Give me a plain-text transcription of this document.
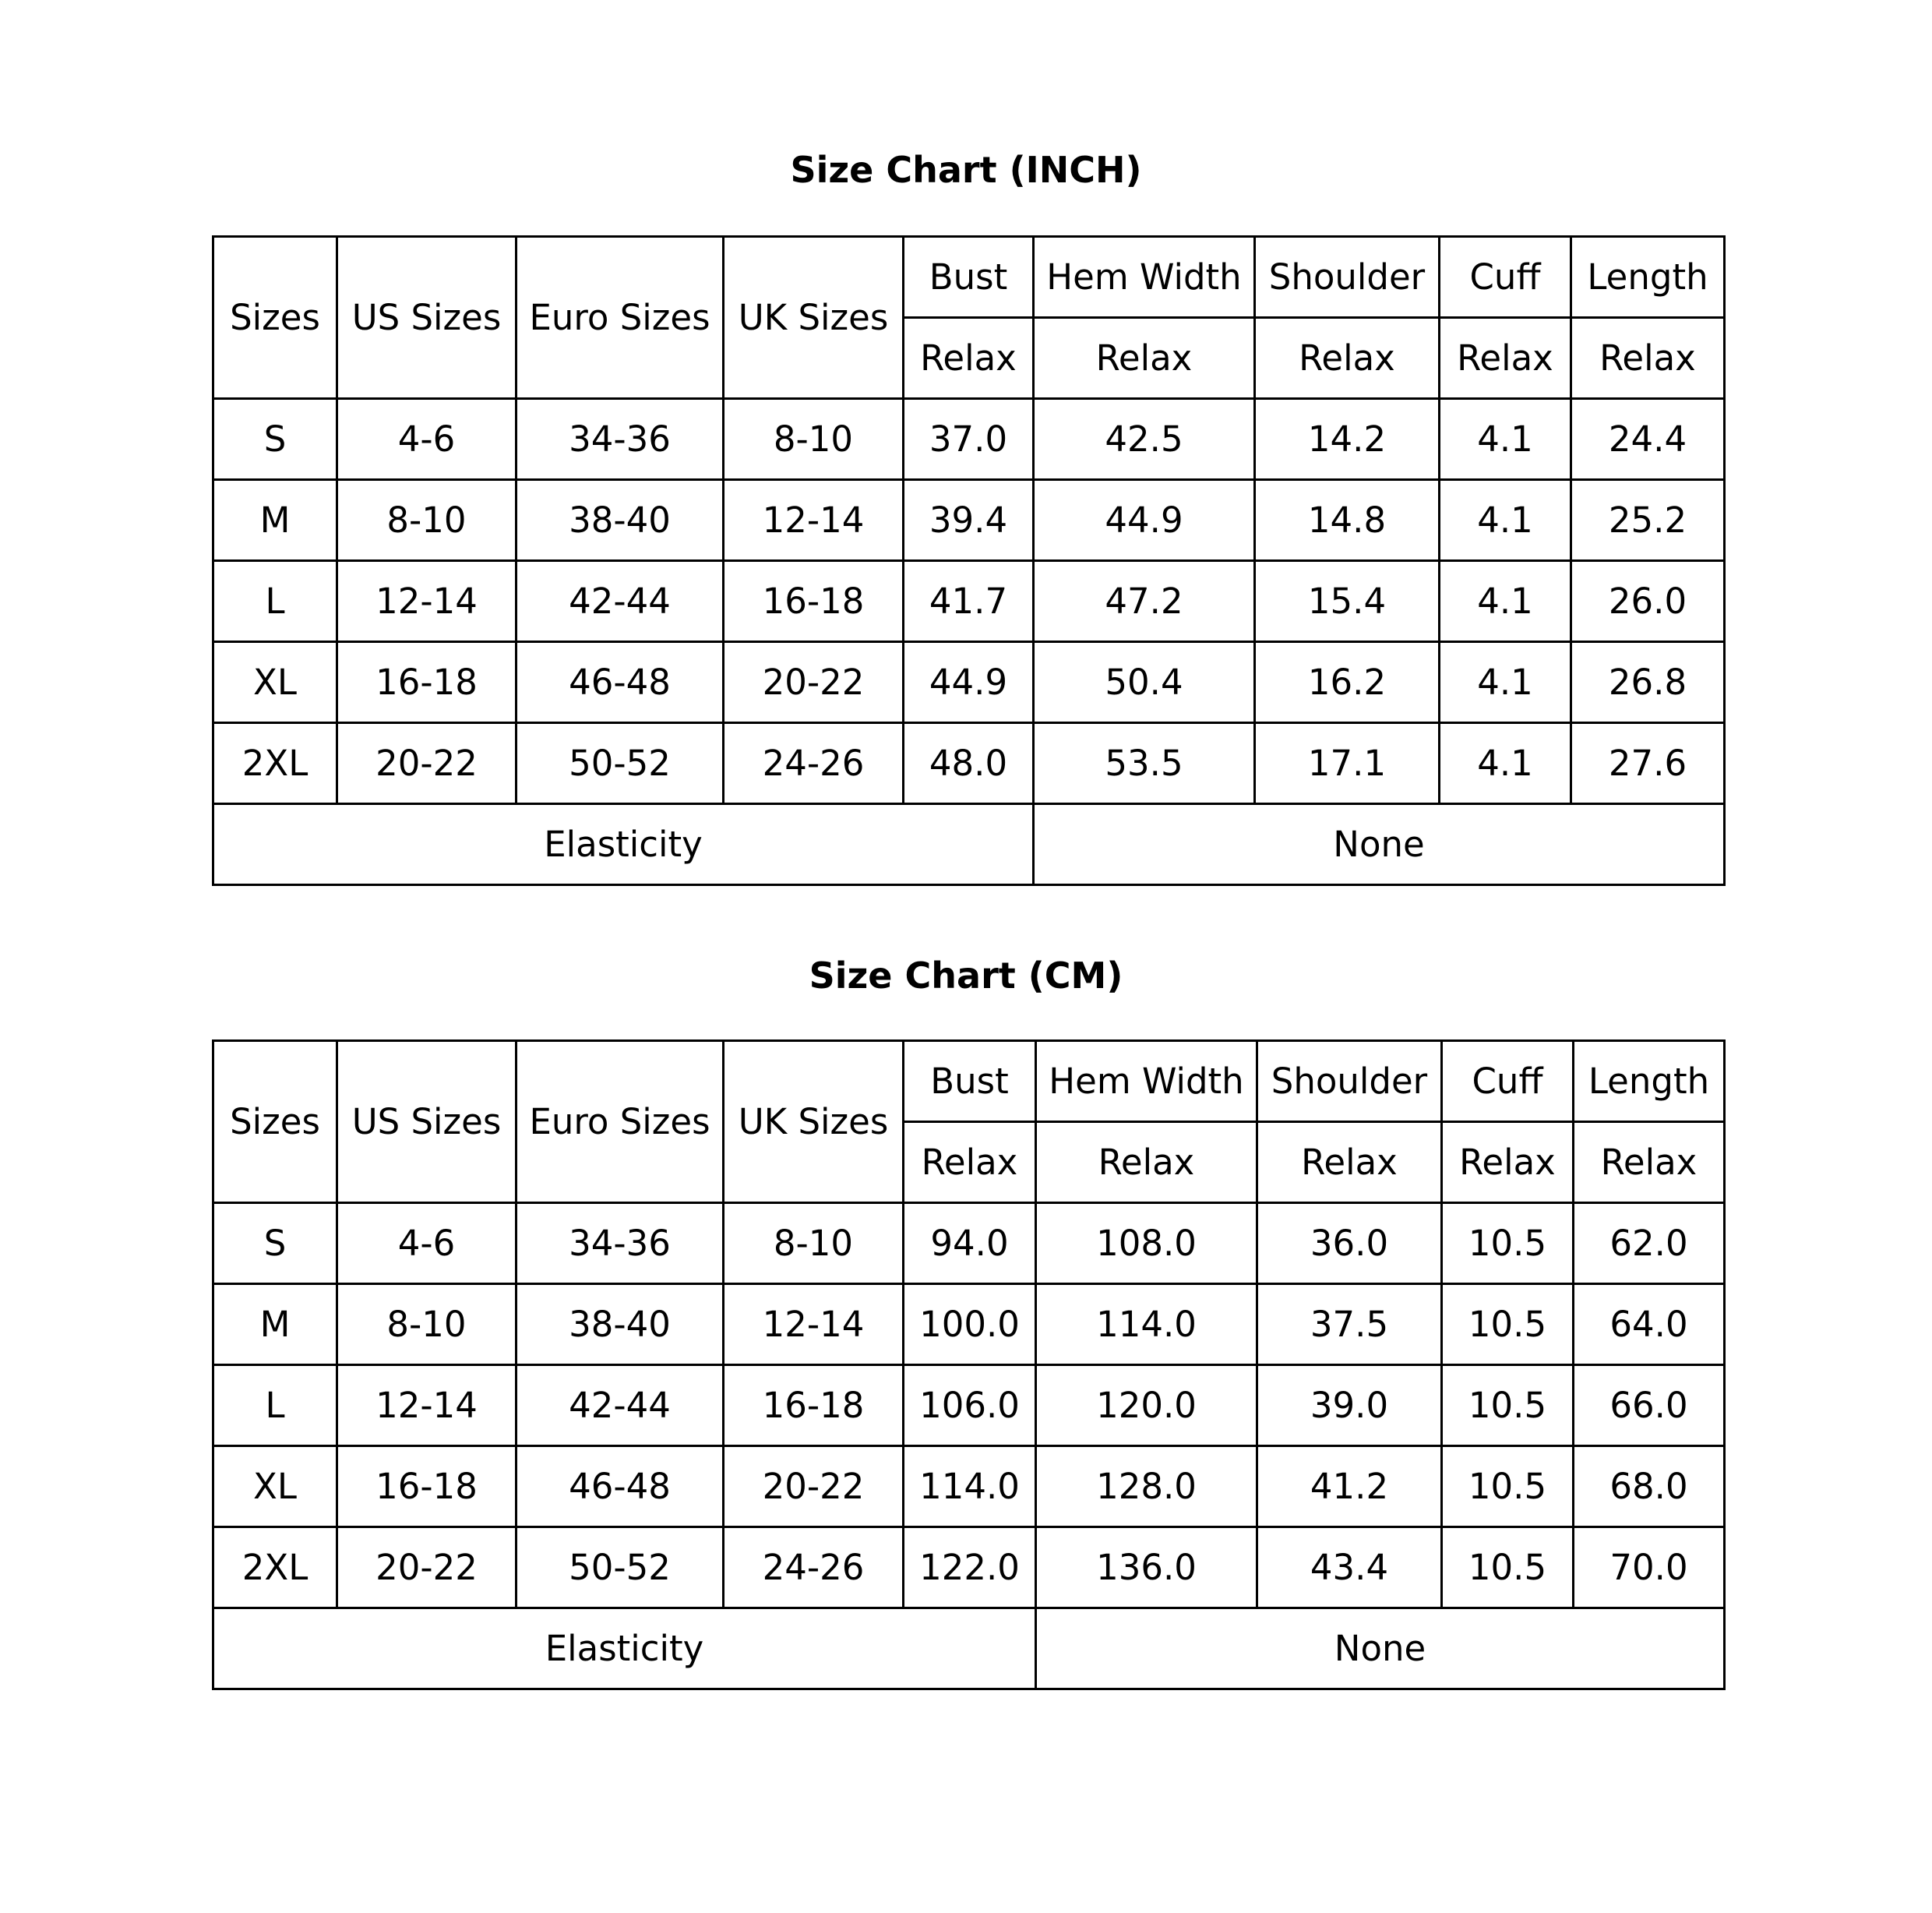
Size Chart (INCH)
Sizes	US Sizes	Euro Sizes	UK Sizes	Bust	Hem Width	Shoulder	Cuff	Length
				Relax	Relax	Relax	Relax	Relax
S	4-6	34-36	8-10	37.0	42.5	14.2	4.1	24.4
M	8-10	38-40	12-14	39.4	44.9	14.8	4.1	25.2
L	12-14	42-44	16-18	41.7	47.2	15.4	4.1	26.0
XL	16-18	46-48	20-22	44.9	50.4	16.2	4.1	26.8
2XL	20-22	50-52	24-26	48.0	53.5	17.1	4.1	27.6
Elasticity					None			
Size Chart (CM)
Sizes	US Sizes	Euro Sizes	UK Sizes	Bust	Hem Width	Shoulder	Cuff	Length
				Relax	Relax	Relax	Relax	Relax
S	4-6	34-36	8-10	94.0	108.0	36.0	10.5	62.0
M	8-10	38-40	12-14	100.0	114.0	37.5	10.5	64.0
L	12-14	42-44	16-18	106.0	120.0	39.0	10.5	66.0
XL	16-18	46-48	20-22	114.0	128.0	41.2	10.5	68.0
2XL	20-22	50-52	24-26	122.0	136.0	43.4	10.5	70.0
Elasticity					None			
